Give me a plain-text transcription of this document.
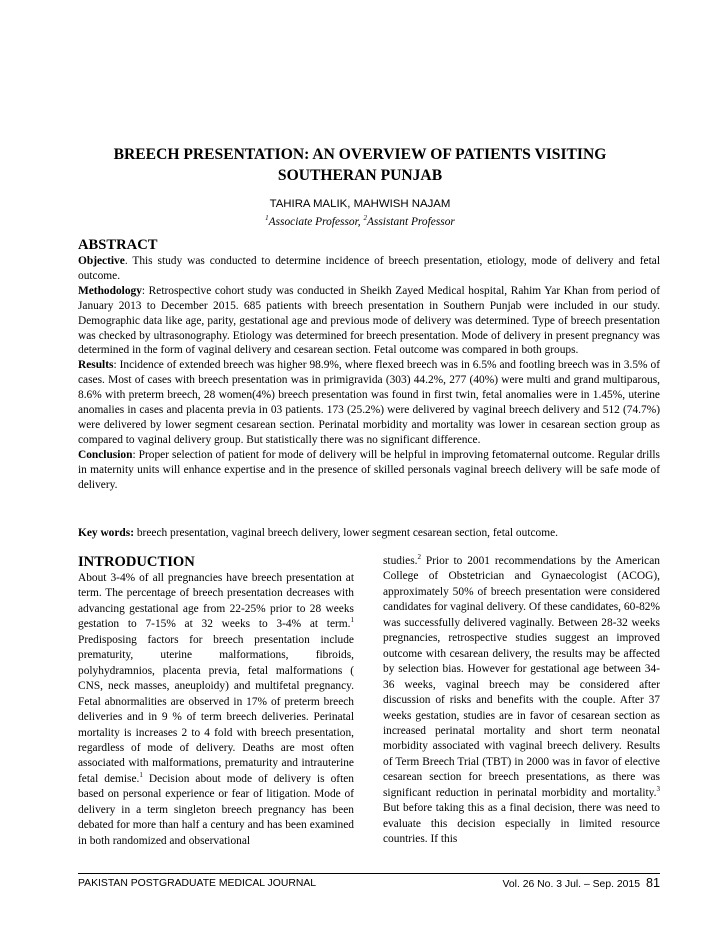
BREECH PRESENTATION: AN OVERVIEW OF PATIENTS VISITING
SOUTHERAN PUNJAB
TAHIRA MALIK, MAHWISH NAJAM
$^1$Associate Professor, $^2$Assistant Professor
ABSTRACT

Objective. This study was conducted to determine incidence of breech presentation, etiology, mode of delivery and fetal outcome.

Methodology: Retrospective cohort study was conducted in Sheikh Zayed Medical hospital, Rahim Yar Khan from period of January 2013 to December 2015. 685 patients with breech presentation in Southern Punjab were included in our study. Demographic data like age, parity, gestational age and previous mode of delivery was determined. Type of breech presentation was checked by ultrasonography. Etiology was determined for breech presentation. Mode of delivery in present pregnancy was determined in the form of vaginal delivery and cesarean section. Fetal outcome was compared in both groups.

Results: Incidence of extended breech was higher 98.9%, where flexed breech was in 6.5% and footling breech was in 3.5% of cases. Most of cases with breech presentation was in primigravida (303) 44.2%, 277 (40%) were multi and grand multiparous, 8.6% with preterm breech, 28 women(4%) breech presentation was found in first twin, fetal anomalies were in 1.45%, uterine anomalies in cases and placenta previa in 03 patients. 173 (25.2%) were delivered by vaginal breech delivery and 512 (74.7%) were delivered by lower segment cesarean section. Perinatal morbidity and mortality was lower in cesarean section group as compared to vaginal delivery group. But statistically there was no significant difference.

Conclusion: Proper selection of patient for mode of delivery will be helpful in improving fetomaternal outcome. Regular drills in maternity units will enhance expertise and in the presence of skilled personals vaginal breech delivery will be safe mode of delivery.

Key words: breech presentation, vaginal breech delivery, lower segment cesarean section, fetal outcome.
INTRODUCTION

About 3-4% of all pregnancies have breech presentation at term. The percentage of breech presentation decreases with advancing gestational age from 22-25% prior to 28 weeks gestation to 7-15% at 32 weeks to 3-4% at term.$^1$ Predisposing factors for breech presentation include prematurity, uterine malformations, fibroids, polyhydramnios, placenta previa, fetal malformations ( CNS, neck masses, aneuploidy) and multifetal pregnancy. Fetal abnormalities are observed in 17% of preterm breech deliveries and in 9 % of term breech deliveries. Perinatal mortality is increases 2 to 4 fold with breech presentation, regardless of mode of delivery. Deaths are most often associated with malformations, prematurity and intrauterine fetal demise.$^1$ Decision about mode of delivery is often based on personal experience or fear of litigation. Mode of delivery in a term singleton breech pregnancy has been debated for more than half a century and has been examined in both randomized and observational

studies.$^2$ Prior to 2001 recommendations by the American College of Obstetrician and Gynaecologist (ACOG), approximately 50% of breech presentation were considered candidates for vaginal delivery. Of these candidates, 60-82% was successfully delivered vaginally. Between 28-32 weeks pregnancies, retrospective studies suggest an improved outcome with cesarean delivery, the results may be affected by selection bias. However for gestational age between 34-36 weeks, vaginal breech may be considered after discussion of risks and benefits with the couple. After 37 weeks gestation, studies are in favor of cesarean section as increased perinatal mortality and short term neonatal morbidity associated with vaginal breech delivery. Results of Term Breech Trial (TBT) in 2000 was in favor of elective cesarean section for breech presentations, as there was significant reduction in perinatal morbidity and mortality.$^3$ But before taking this as a final decision, there was need to evaluate this decision especially in limited resource countries. If this

PAKISTAN POSTGRADUATE MEDICAL JOURNAL	Vol. 26 No. 3 Jul. – Sep. 2015 81
